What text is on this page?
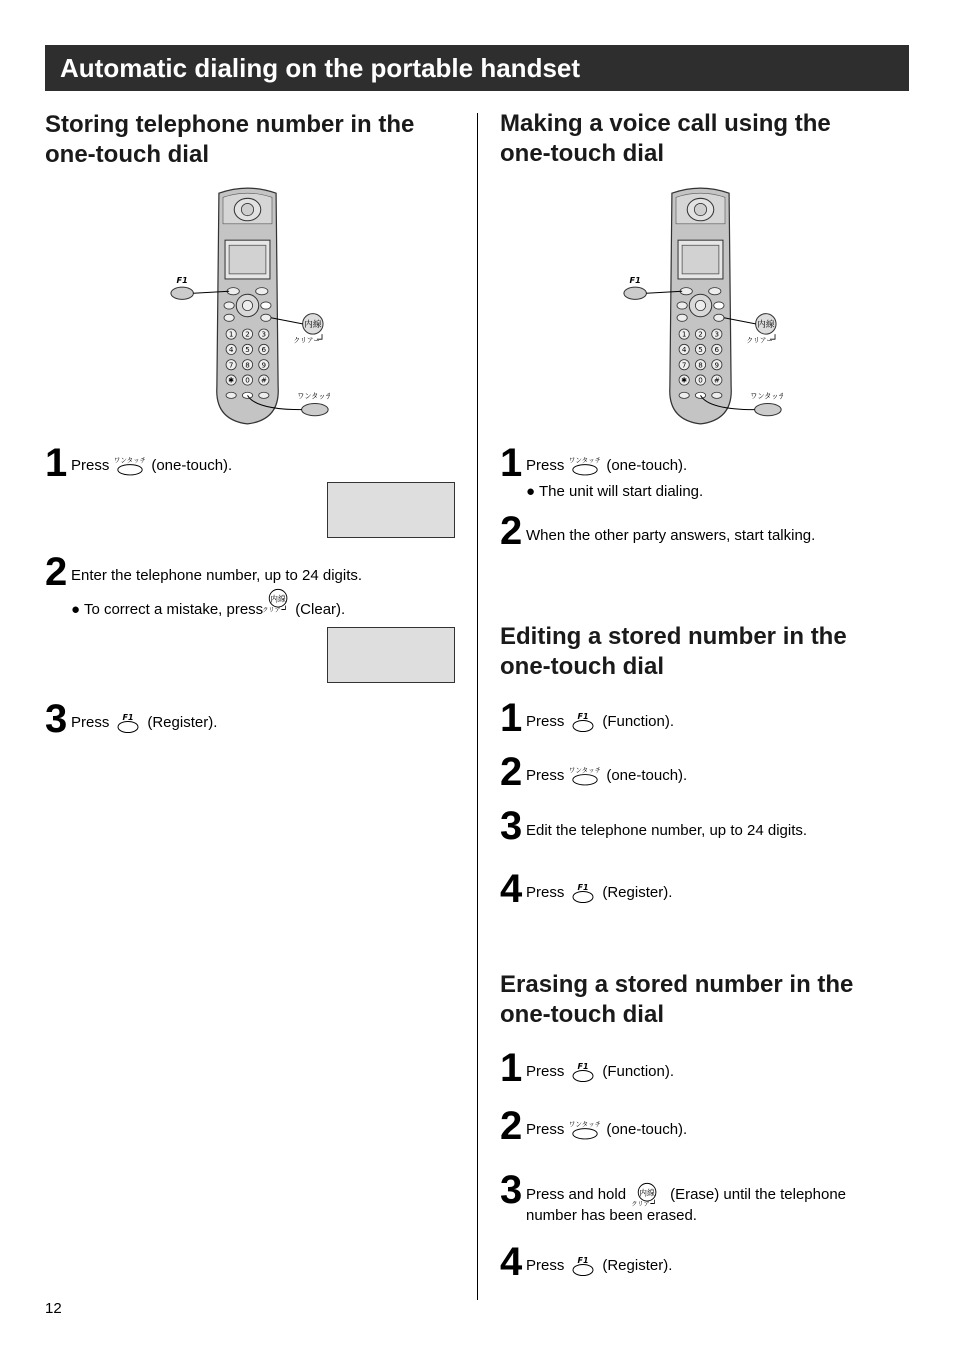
Automatic dialing on the portable handset
Storing telephone number in the
one-touch dial
1 Press	(one-touch).
2 Enter the telephone number, up to 24 digits.
● To correct a mistake, press (Clear).
3 Press	(Register).
Making a voice call using the
one-touch dial
1 Press	(one-touch).
● The unit will start dialing.
2 When the other party answers, start talking.
Editing a stored number in the
one-touch dial
1 Press	(Function).
2 Press	(one-touch).
3 Edit the telephone number, up to 24 digits.
4 Press	(Register).
Erasing a stored number in the
one-touch dial
1 Press	(Function).
2 Press	(one-touch).
3 Press and hold	(Erase) until the telephone
number has been erased.
4 Press	(Register).
12
